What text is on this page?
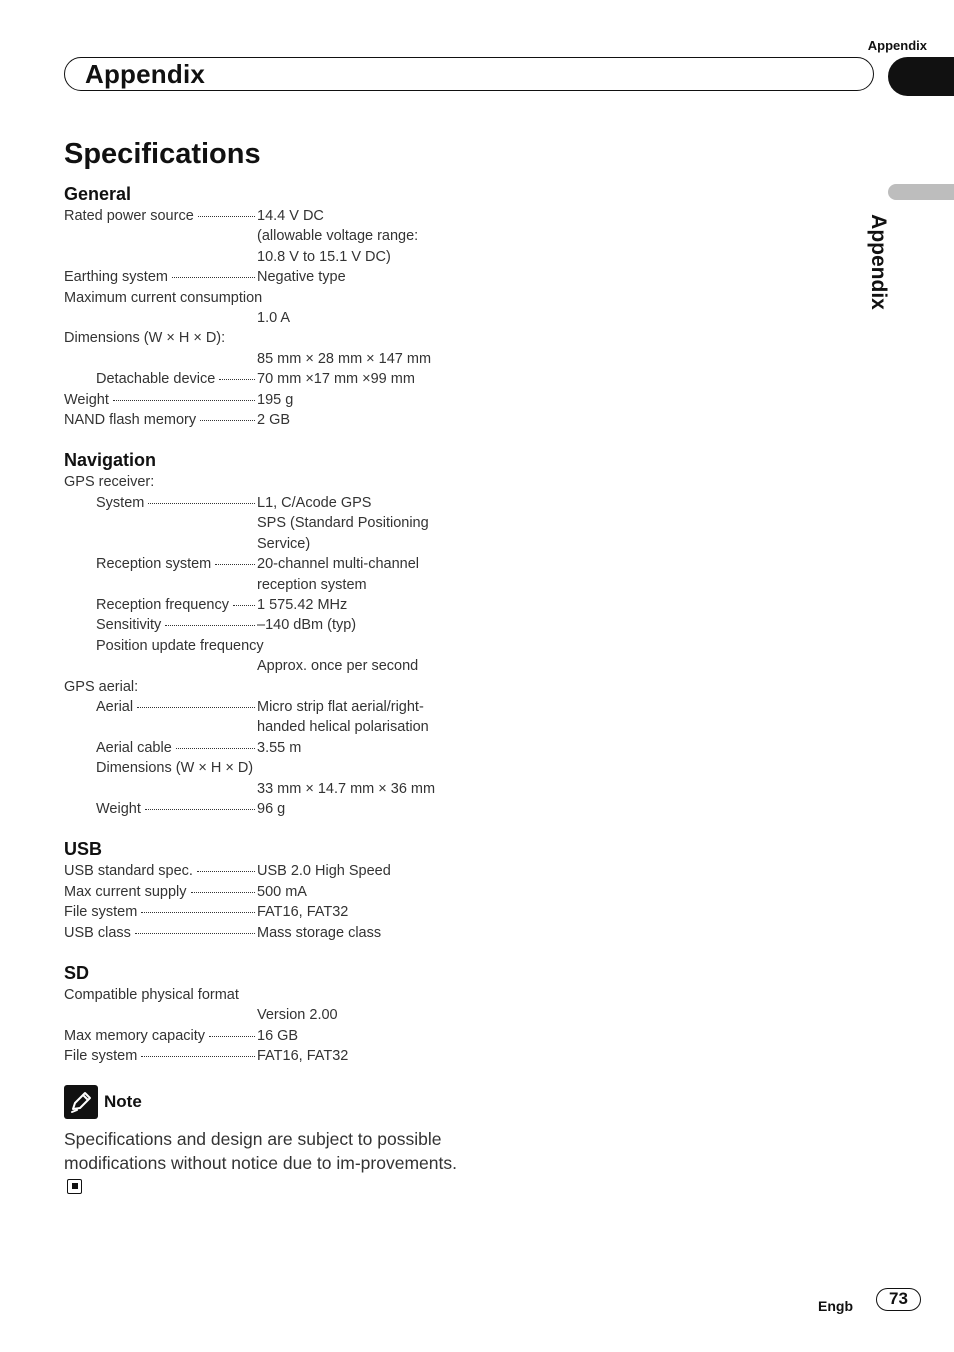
Appendix
Appendix
Appendix
Specifications
General
Rated power source	14.4 V DC
(allowable voltage range:
10.8 V to 15.1 V DC)
Earthing system	Negative type
Maximum current consumption
1.0 A
Dimensions (W × H × D):
85 mm × 28 mm × 147 mm
Detachable device	70 mm ×17 mm ×99 mm
Weight	195 g
NAND flash memory	2 GB
Navigation
GPS receiver:
System	L1, C/Acode GPS
SPS (Standard Positioning
Service)
Reception system	20-channel multi-channel
reception system
Reception frequency 1 575.42 MHz
Sensitivity	–140 dBm (typ)
Position update frequency
Approx. once per second
GPS aerial:
Aerial	Micro strip flat aerial/right-
handed helical polarisation
Aerial cable	3.55 m
Dimensions (W × H × D)
33 mm × 14.7 mm × 36 mm
Weight	96 g
USB
USB standard spec.	USB 2.0 High Speed
Max current supply	500 mA
File system	FAT16, FAT32
USB class	Mass storage class
SD
Compatible physical format
Version 2.00
Max memory capacity	16 GB
File system	FAT16, FAT32
Note
Specifications and design are subject to possible modifications without notice due to im-provements.
Engb	73
